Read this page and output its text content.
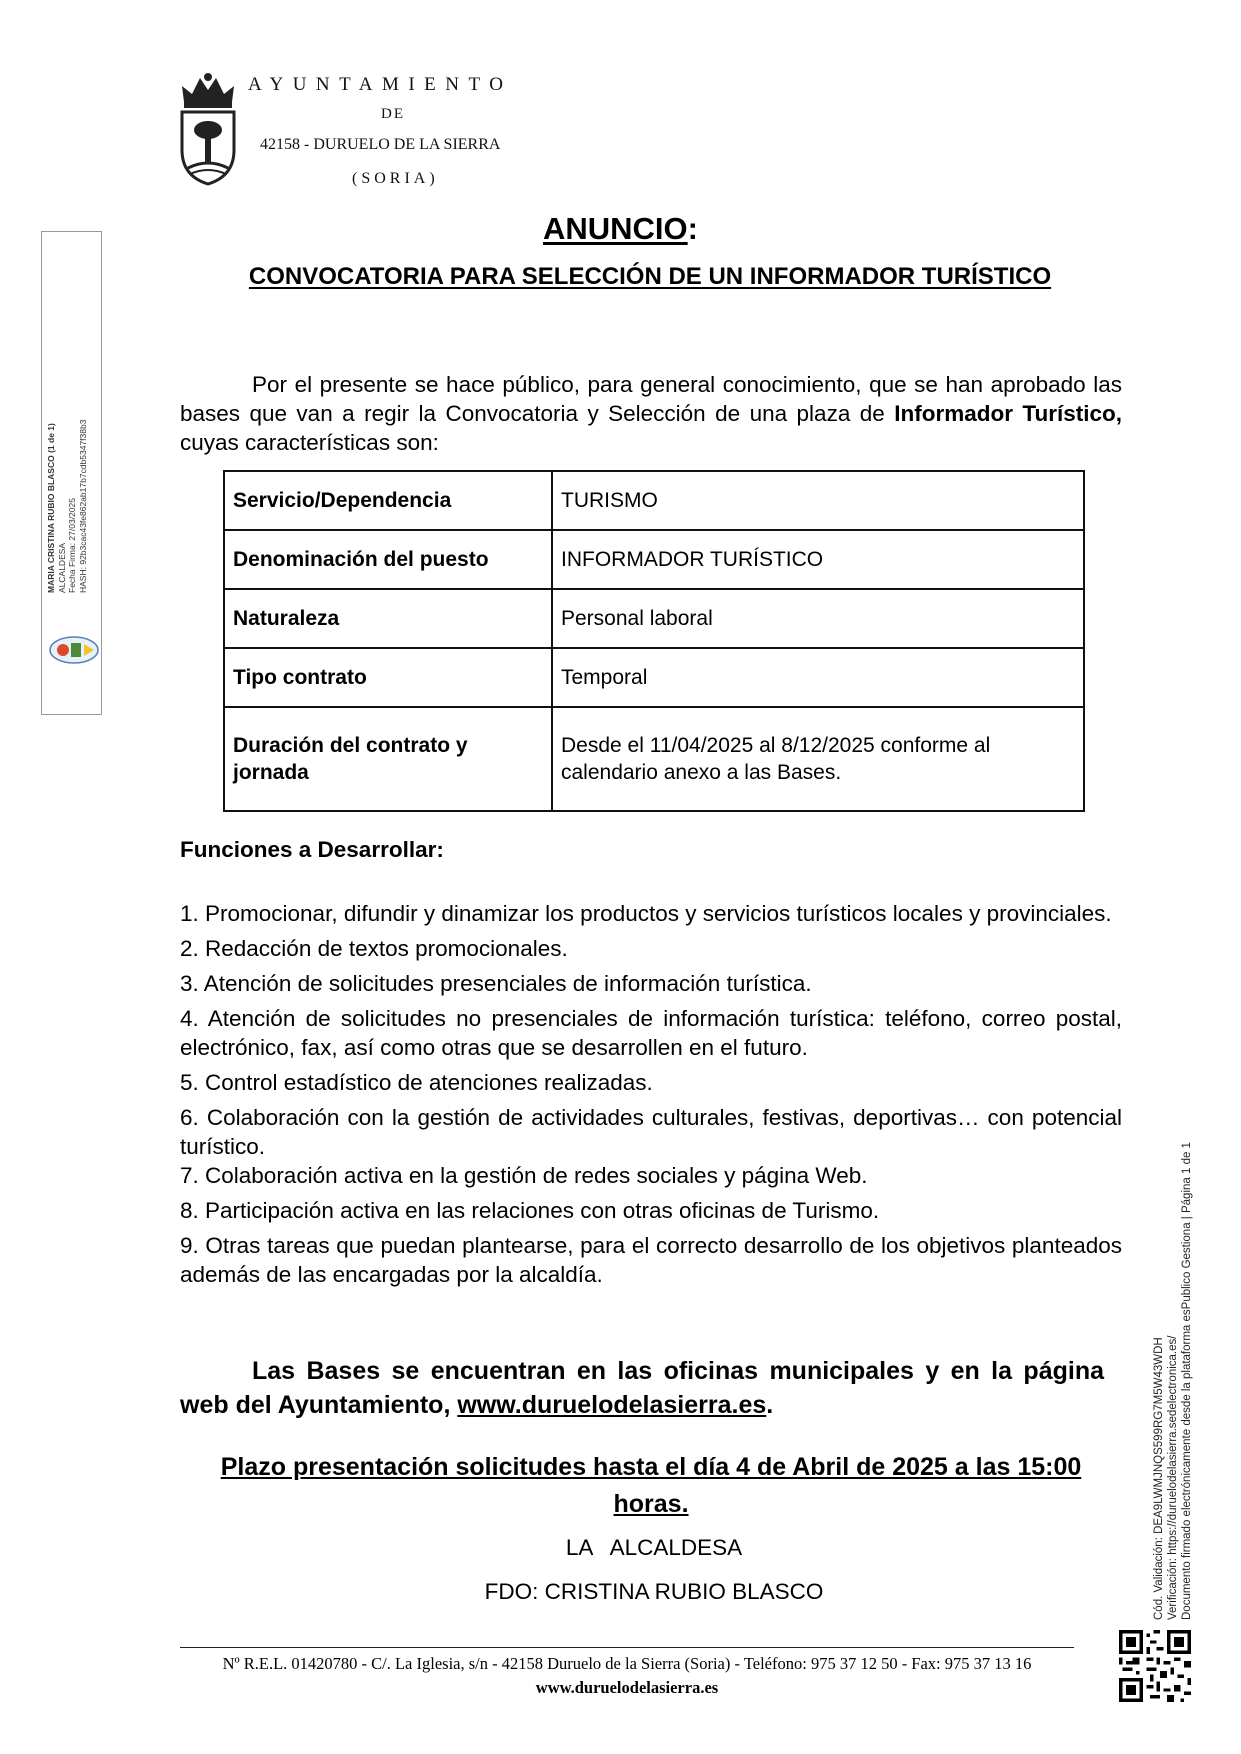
AYUNTAMIENTO
DE
42158 - DURUELO DE LA SIERRA
(SORIA)
MARIA CRISTINA RUBIO BLASCO (1 de 1) ALCALDESA Fecha Firma: 27/03/2025 HASH: 92b3cac43fe862ab17b7cdb5347f38b3
Cód. Validación: DEA9LWMJNQS599RG7M5W43WDH Verificación: https://duruelodelasierra.sedelectronica.es/ Documento firmado electrónicamente desde la plataforma esPublico Gestiona | Página 1 de 1
ANUNCIO:
CONVOCATORIA PARA SELECCIÓN DE UN INFORMADOR TURÍSTICO
Por el presente se hace público, para general conocimiento, que se han aprobado las bases que van a regir la Convocatoria y Selección de una plaza de Informador Turístico, cuyas características son:
Servicio/Dependencia	TURISMO
Denominación del puesto	INFORMADOR TURÍSTICO
Naturaleza	Personal laboral
Tipo contrato	Temporal
Duración del contrato y jornada	Desde el 11/04/2025 al 8/12/2025 conforme al calendario anexo a las Bases.
Funciones a Desarrollar:
1. Promocionar, difundir y dinamizar los productos y servicios turísticos locales y provinciales.
2. Redacción de textos promocionales.
3. Atención de solicitudes presenciales de información turística.
4. Atención de solicitudes no presenciales de información turística: teléfono, correo postal, electrónico, fax, así como otras que se desarrollen en el futuro.
5. Control estadístico de atenciones realizadas.
6. Colaboración con la gestión de actividades culturales, festivas, deportivas… con potencial turístico.
7. Colaboración activa en la gestión de redes sociales y página Web.
8. Participación activa en las relaciones con otras oficinas de Turismo.
9. Otras tareas que puedan plantearse, para el correcto desarrollo de los objetivos planteados además de las encargadas por la alcaldía.
Las Bases se encuentran en las oficinas municipales y en la página web del Ayuntamiento, www.duruelodelasierra.es.
Plazo presentación solicitudes hasta el día 4 de Abril de 2025 a las 15:00 horas.
LA   ALCALDESA
FDO: CRISTINA RUBIO BLASCO
Nº R.E.L. 01420780 - C/. La Iglesia, s/n - 42158 Duruelo de la Sierra (Soria) - Teléfono: 975 37 12 50 - Fax: 975 37 13 16
www.duruelodelasierra.es
